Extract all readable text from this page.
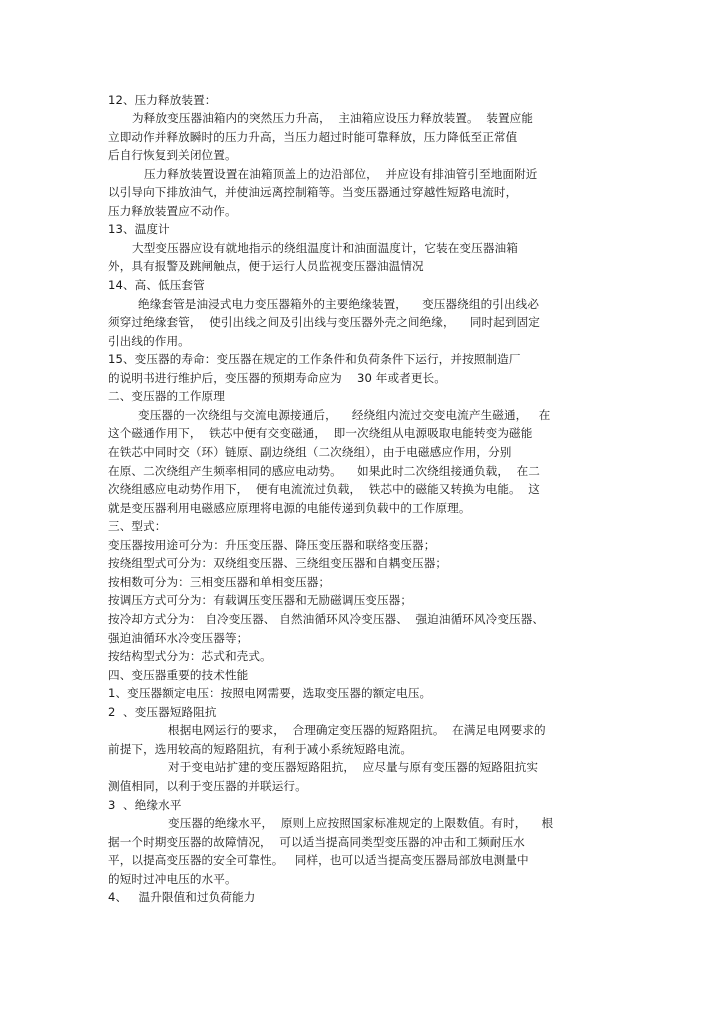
12、压力释放装置：
为释放变压器油箱内的突然压力升高，  主油箱应设压力释放装置。  装置应能
立即动作并释放瞬时的压力升高，当压力超过时能可靠释放，压力降低至正常值
后自行恢复到关闭位置。
压力释放装置设置在油箱顶盖上的边沿部位，  并应设有排油管引至地面附近
以引导向下排放油气，并使油远离控制箱等。当变压器通过穿越性短路电流时，
压力释放装置应不动作。
13、温度计
大型变压器应设有就地指示的绕组温度计和油面温度计，它装在变压器油箱
外，具有报警及跳闸触点，便于运行人员监视变压器油温情况
14、高、低压套管
绝缘套管是油浸式电力变压器箱外的主要绝缘装置，    变压器绕组的引出线必
须穿过绝缘套管，  使引出线之间及引出线与变压器外壳之间绝缘，    同时起到固定
引出线的作用。
15、变压器的寿命：变压器在规定的工作条件和负荷条件下运行，并按照制造厂
的说明书进行维护后，变压器的预期寿命应为    30 年或者更长。
二、变压器的工作原理
变压器的一次绕组与交流电源接通后，    经绕组内流过交变电流产生磁通，   在
这个磁通作用下，  铁芯中便有交变磁通，  即一次绕组从电源吸取电能转变为磁能
在铁芯中同时交（环）链原、副边绕组（二次绕组），由于电磁感应作用，分别
在原、二次绕组产生频率相同的感应电动势。    如果此时二次绕组接通负载，  在二
次绕组感应电动势作用下，  便有电流流过负载，  铁芯中的磁能又转换为电能。  这
就是变压器利用电磁感应原理将电源的电能传递到负载中的工作原理。
三、型式：
变压器按用途可分为：升压变压器、降压变压器和联络变压器；
按绕组型式可分为：双绕组变压器、三绕组变压器和自耦变压器；
按相数可分为：三相变压器和单相变压器；
按调压方式可分为：有载调压变压器和无励磁调压变压器；
按冷却方式分为： 自冷变压器、 自然油循环风冷变压器、  强迫油循环风冷变压器、
强迫油循环水冷变压器等；
按结构型式分为：芯式和壳式。
四、变压器重要的技术性能
1、变压器额定电压：按照电网需要，选取变压器的额定电压。
2  、变压器短路阻抗
根据电网运行的要求，  合理确定变压器的短路阻抗。  在满足电网要求的
前提下，选用较高的短路阻抗，有利于减小系统短路电流。
对于变电站扩建的变压器短路阻抗，  应尽量与原有变压器的短路阻抗实
测值相同，以利于变压器的并联运行。
3  、绝缘水平
变压器的绝缘水平，  原则上应按照国家标准规定的上限数值。有时，    根
据一个时期变压器的故障情况，  可以适当提高同类型变压器的冲击和工频耐压水
平，以提高变压器的安全可靠性。   同样，也可以适当提高变压器局部放电测量中
的短时过冲电压的水平。
4、   温升限值和过负荷能力
